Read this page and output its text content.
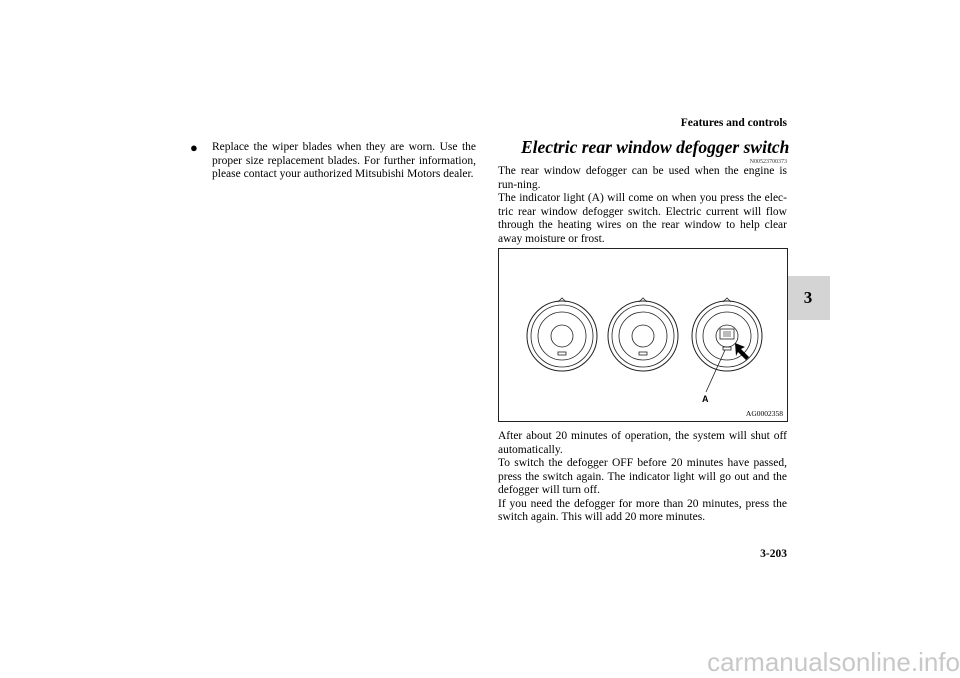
Features and controls
3
●	Replace the wiper blades when they are worn. Use the proper size replacement blades. For further information, please contact your authorized Mitsubishi Motors dealer.
Electric rear window defogger switch
N00523700373

The rear window defogger can be used when the engine is run-ning.

The indicator light (A) will come on when you press the elec-tric rear window defogger switch. Electric current will flow through the heating wires on the rear window to help clear away moisture or frost.

A
AG0002358

After about 20 minutes of operation, the system will shut off automatically.

To switch the defogger OFF before 20 minutes have passed, press the switch again. The indicator light will go out and the defogger will turn off.

If you need the defogger for more than 20 minutes, press the switch again. This will add 20 more minutes.

3-203
carmanualsonline.info
